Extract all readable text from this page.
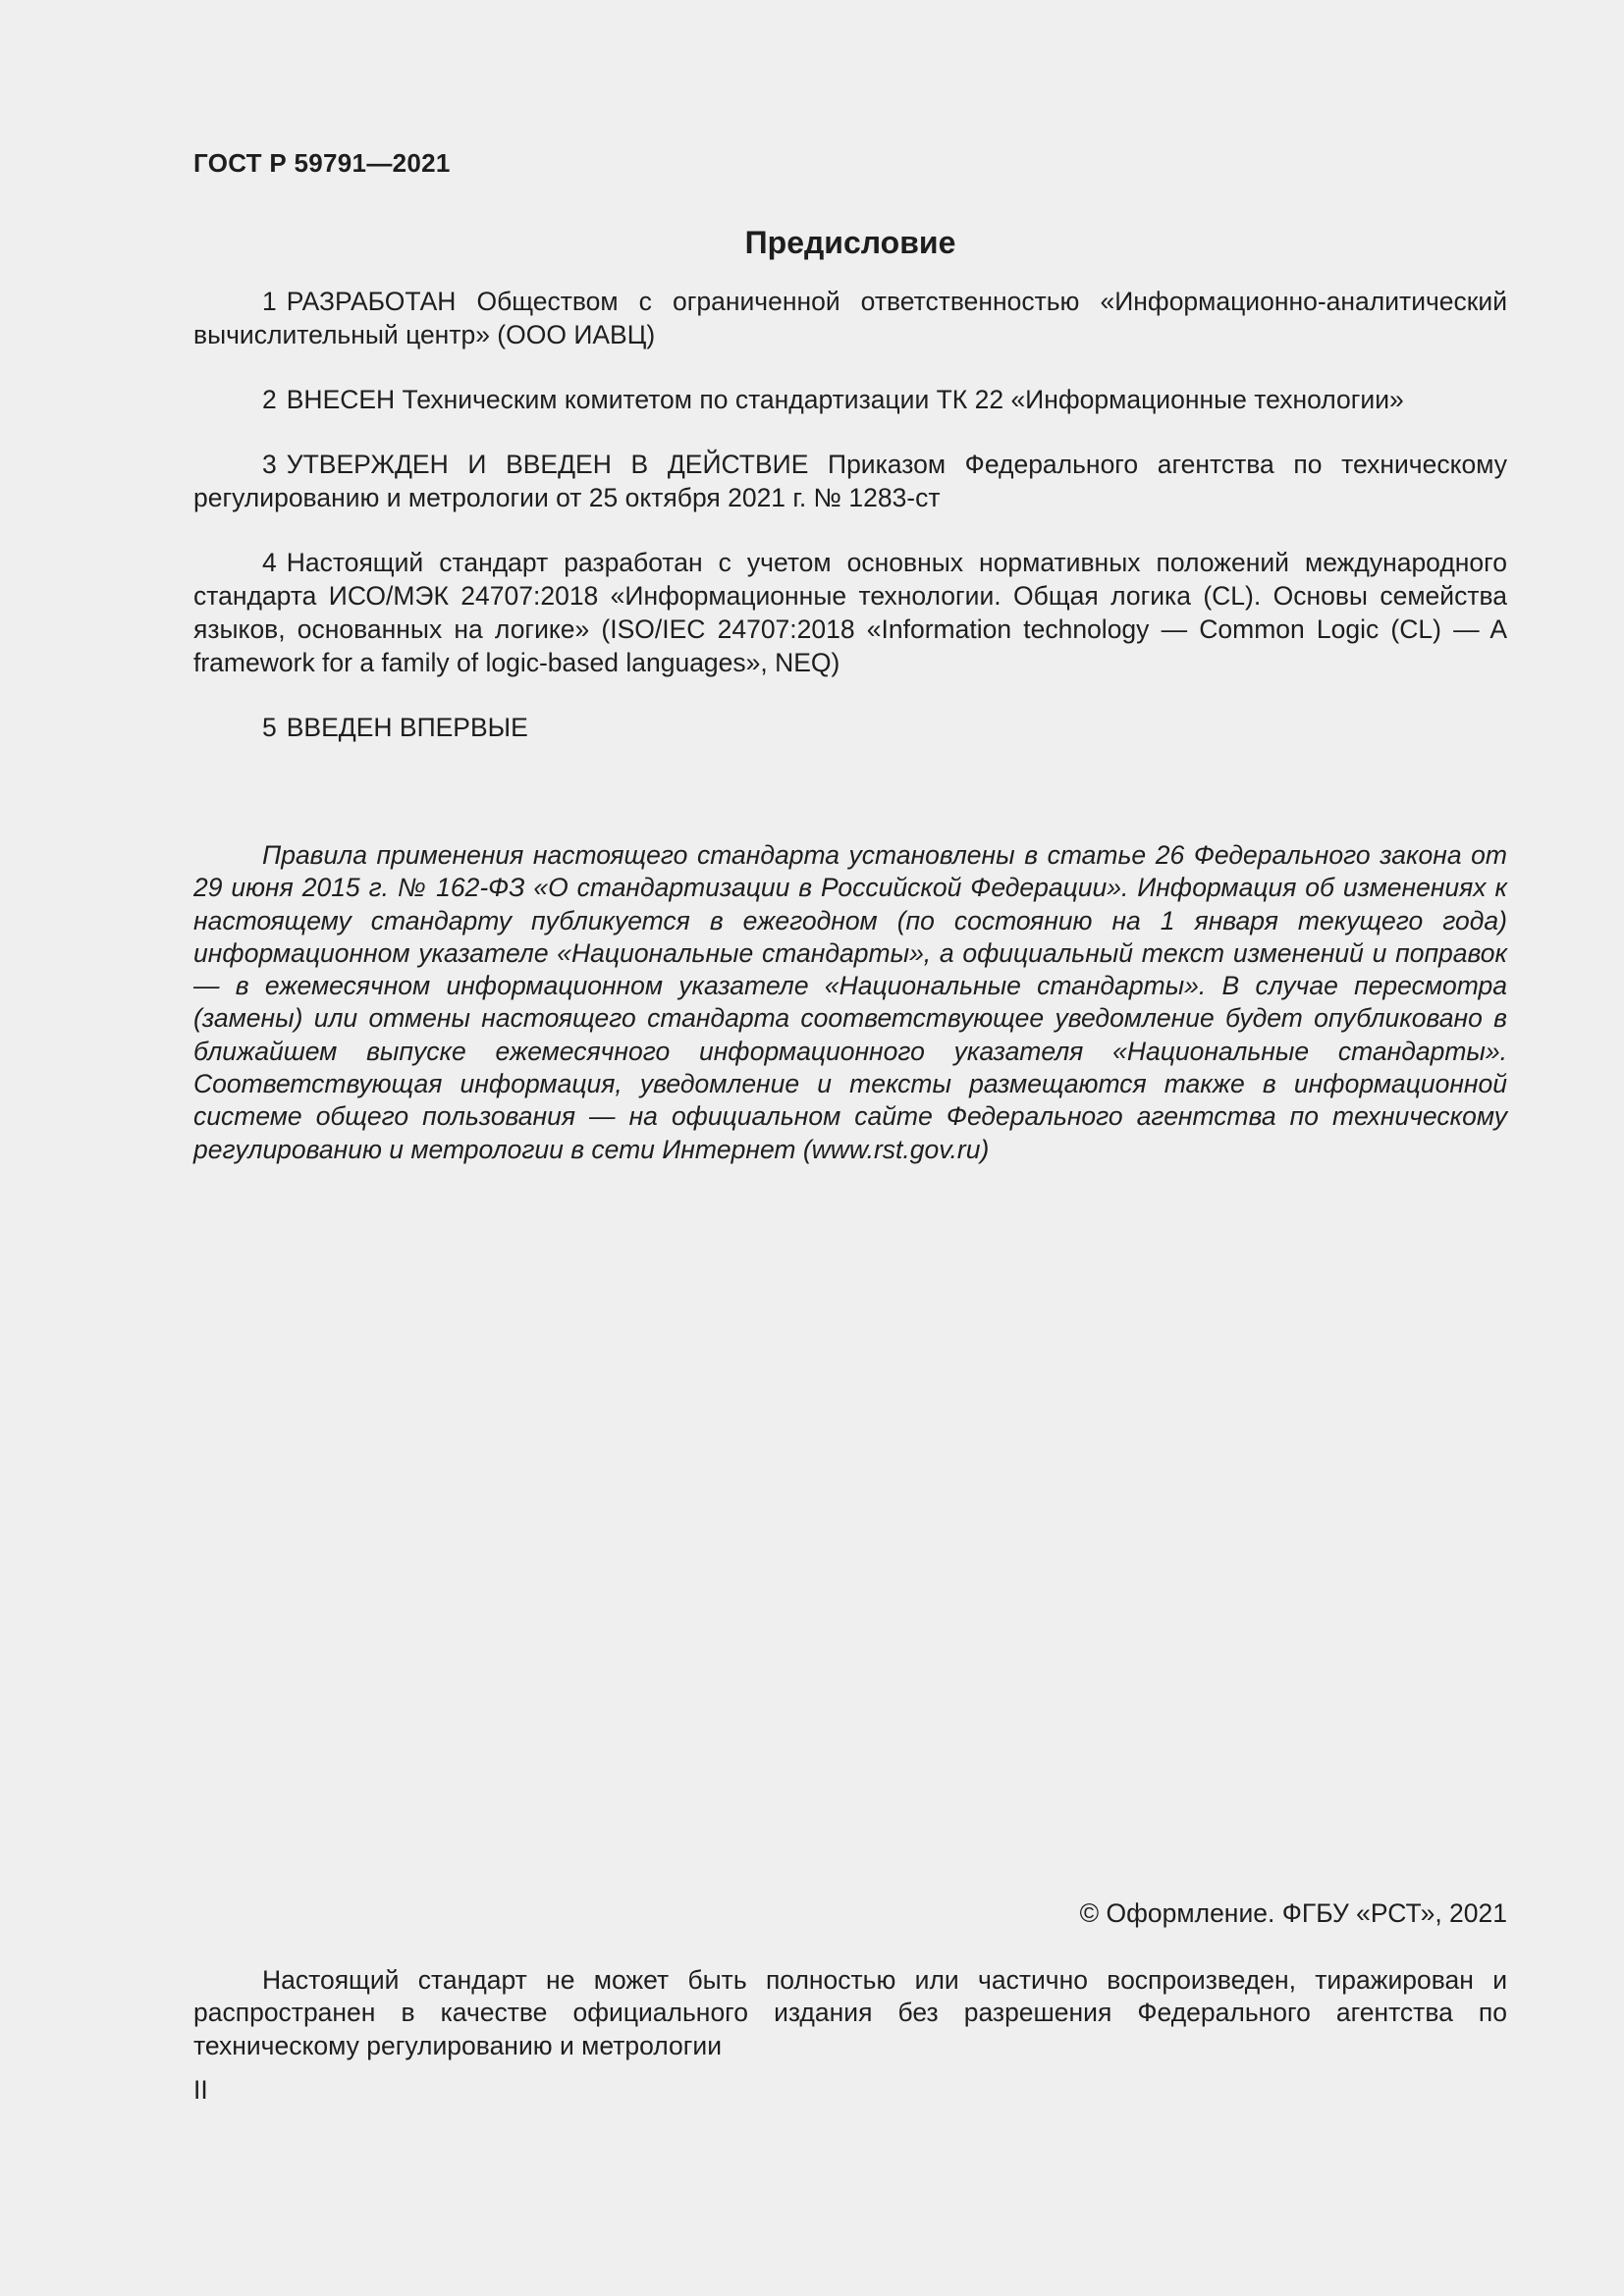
ГОСТ Р 59791—2021
Предисловие

1 РАЗРАБОТАН Обществом с ограниченной ответственностью «Информационно-аналитический вычислительный центр» (ООО ИАВЦ)

2 ВНЕСЕН Техническим комитетом по стандартизации ТК 22 «Информационные технологии»

3 УТВЕРЖДЕН И ВВЕДЕН В ДЕЙСТВИЕ Приказом Федерального агентства по техническому регулированию и метрологии от 25 октября 2021 г. № 1283-ст

4 Настоящий стандарт разработан с учетом основных нормативных положений международного стандарта ИСО/МЭК 24707:2018 «Информационные технологии. Общая логика (CL). Основы семейства языков, основанных на логике» (ISO/IEC 24707:2018 «Information technology — Common Logic (CL) — A framework for a family of logic-based languages», NEQ)

5 ВВЕДЕН ВПЕРВЫЕ

Правила применения настоящего стандарта установлены в статье 26 Федерального закона от 29 июня 2015 г. № 162-ФЗ «О стандартизации в Российской Федерации». Информация об изменениях к настоящему стандарту публикуется в ежегодном (по состоянию на 1 января текущего года) информационном указателе «Национальные стандарты», а официальный текст изменений и поправок — в ежемесячном информационном указателе «Национальные стандарты». В случае пересмотра (замены) или отмены настоящего стандарта соответствующее уведомление будет опубликовано в ближайшем выпуске ежемесячного информационного указателя «Национальные стандарты». Соответствующая информация, уведомление и тексты размещаются также в информационной системе общего пользования — на официальном сайте Федерального агентства по техническому регулированию и метрологии в сети Интернет (www.rst.gov.ru)

© Оформление. ФГБУ «РСТ», 2021

Настоящий стандарт не может быть полностью или частично воспроизведен, тиражирован и распространен в качестве официального издания без разрешения Федерального агентства по техническому регулированию и метрологии

II
